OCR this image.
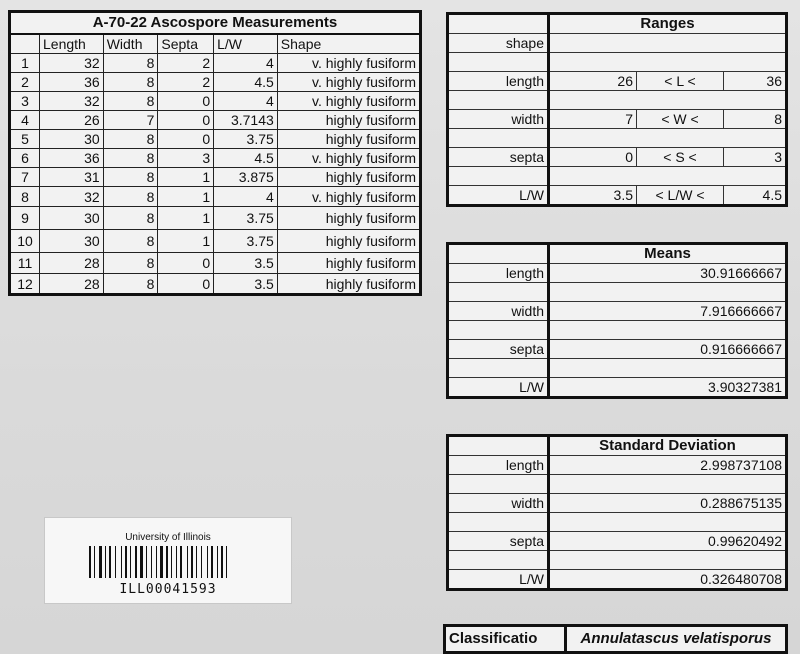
A-70-22 Ascospore Measurements					
	Length	Width	Septa	L/W	Shape
1	32	8	2	4	v. highly fusiform
2	36	8	2	4.5	v. highly fusiform
3	32	8	0	4	v. highly fusiform
4	26	7	0	3.7143	highly fusiform
5	30	8	0	3.75	highly fusiform
6	36	8	3	4.5	v. highly fusiform
7	31	8	1	3.875	highly fusiform
8	32	8	1	4	v. highly fusiform
9	30	8	1	3.75	highly fusiform
10	30	8	1	3.75	highly fusiform
11	28	8	0	3.5	highly fusiform
12	28	8	0	3.5	highly fusiform
	Ranges		
shape			

length	26	< L <	36

width	7	< W <	8

septa	0	< S <	3

L/W	3.5	< L/W <	4.5
	Means
length	30.91666667

width	7.916666667

septa	0.916666667

L/W	3.90327381
	Standard Deviation
length	2.998737108

width	0.288675135

septa	0.99620492

L/W	0.326480708
Classificatio	Annulatascus velatisporus
University of Illinois
ILL00041593
